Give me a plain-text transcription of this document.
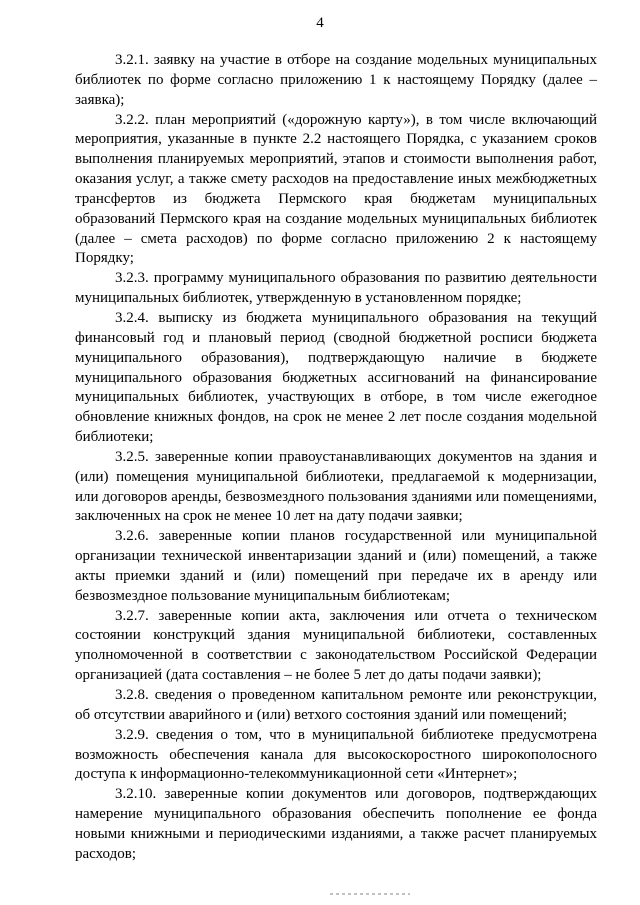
4

3.2.1. заявку на участие в отборе на создание модельных муниципальных библиотек по форме согласно приложению 1 к настоящему Порядку (далее – заявка);

3.2.2. план мероприятий («дорожную карту»), в том числе включающий мероприятия, указанные в пункте 2.2 настоящего Порядка, с указанием сроков выполнения планируемых мероприятий, этапов и стоимости выполнения работ, оказания услуг, а также смету расходов на предоставление иных межбюджетных трансфертов из бюджета Пермского края бюджетам муниципальных образований Пермского края на создание модельных муниципальных библиотек (далее – смета расходов) по форме согласно приложению 2 к настоящему Порядку;

3.2.3. программу муниципального образования по развитию деятельности муниципальных библиотек, утвержденную в установленном порядке;

3.2.4. выписку из бюджета муниципального образования на текущий финансовый год и плановый период (сводной бюджетной росписи бюджета муниципального образования), подтверждающую наличие в бюджете муниципального образования бюджетных ассигнований на финансирование муниципальных библиотек, участвующих в отборе, в том числе ежегодное обновление книжных фондов, на срок не менее 2 лет после создания модельной библиотеки;

3.2.5. заверенные копии правоустанавливающих документов на здания и (или) помещения муниципальной библиотеки, предлагаемой к модернизации, или договоров аренды, безвозмездного пользования зданиями или помещениями, заключенных на срок не менее 10 лет на дату подачи заявки;

3.2.6. заверенные копии планов государственной или муниципальной организации технической инвентаризации зданий и (или) помещений, а также акты приемки зданий и (или) помещений при передаче их в аренду или безвозмездное пользование муниципальным библиотекам;

3.2.7. заверенные копии акта, заключения или отчета о техническом состоянии конструкций здания муниципальной библиотеки, составленных уполномоченной в соответствии с законодательством Российской Федерации организацией (дата составления – не более 5 лет до даты подачи заявки);

3.2.8. сведения о проведенном капитальном ремонте или реконструкции, об отсутствии аварийного и (или) ветхого состояния зданий или помещений;

3.2.9. сведения о том, что в муниципальной библиотеке предусмотрена возможность обеспечения канала для высокоскоростного широкополосного доступа к информационно-телекоммуникационной сети «Интернет»;

3.2.10. заверенные копии документов или договоров, подтверждающих намерение муниципального образования обеспечить пополнение ее фонда новыми книжными и периодическими изданиями, а также расчет планируемых расходов;
